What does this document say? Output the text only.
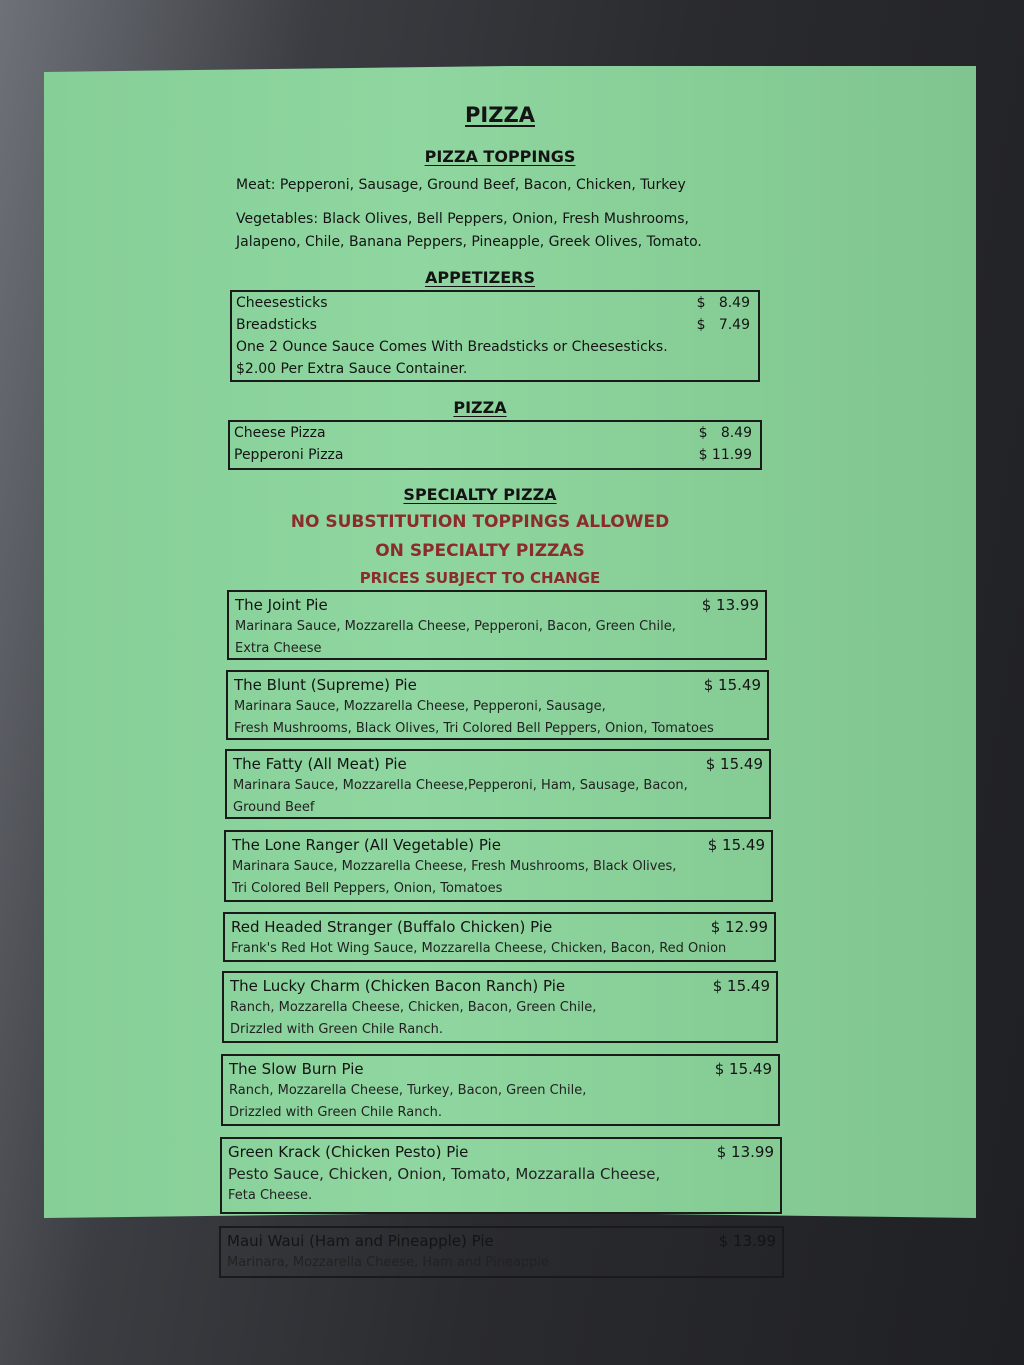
PIZZA
PIZZA TOPPINGS
Meat: Pepperoni, Sausage, Ground Beef, Bacon, Chicken, Turkey
Vegetables: Black Olives, Bell Peppers, Onion, Fresh Mushrooms,
Jalapeno, Chile, Banana Peppers, Pineapple, Greek Olives, Tomato.
APPETIZERS
Cheesesticks	$   8.49
Breadsticks	$   7.49
One 2 Ounce Sauce Comes With Breadsticks or Cheesesticks.
$2.00 Per Extra Sauce Container.
PIZZA
Cheese Pizza	$   8.49
Pepperoni Pizza	$ 11.99
SPECIALTY PIZZA
NO SUBSTITUTION TOPPINGS ALLOWED
ON SPECIALTY PIZZAS
PRICES SUBJECT TO CHANGE
The Joint Pie	$ 13.99
Marinara Sauce, Mozzarella Cheese, Pepperoni, Bacon, Green Chile,
Extra Cheese
The Blunt (Supreme) Pie	$ 15.49
Marinara Sauce, Mozzarella Cheese, Pepperoni, Sausage,
Fresh Mushrooms, Black Olives, Tri Colored Bell Peppers, Onion, Tomatoes
The Fatty (All Meat) Pie	$ 15.49
Marinara Sauce, Mozzarella Cheese,Pepperoni, Ham, Sausage, Bacon,
Ground Beef
The Lone Ranger (All Vegetable) Pie	$ 15.49
Marinara Sauce, Mozzarella Cheese, Fresh Mushrooms, Black Olives,
Tri Colored Bell Peppers, Onion, Tomatoes
Red Headed Stranger (Buffalo Chicken) Pie	$ 12.99
Frank's Red Hot Wing Sauce, Mozzarella Cheese, Chicken, Bacon, Red Onion
The Lucky Charm (Chicken Bacon Ranch) Pie	$ 15.49
Ranch, Mozzarella Cheese, Chicken, Bacon, Green Chile,
Drizzled with Green Chile Ranch.
The Slow Burn Pie	$ 15.49
Ranch, Mozzarella Cheese, Turkey, Bacon, Green Chile,
Drizzled with Green Chile Ranch.
Green Krack (Chicken Pesto) Pie	$ 13.99
Pesto Sauce, Chicken, Onion, Tomato, Mozzaralla Cheese,
Feta Cheese.
Maui Waui (Ham and Pineapple) Pie	$ 13.99
Marinara, Mozzarella Cheese, Ham and Pineapple
